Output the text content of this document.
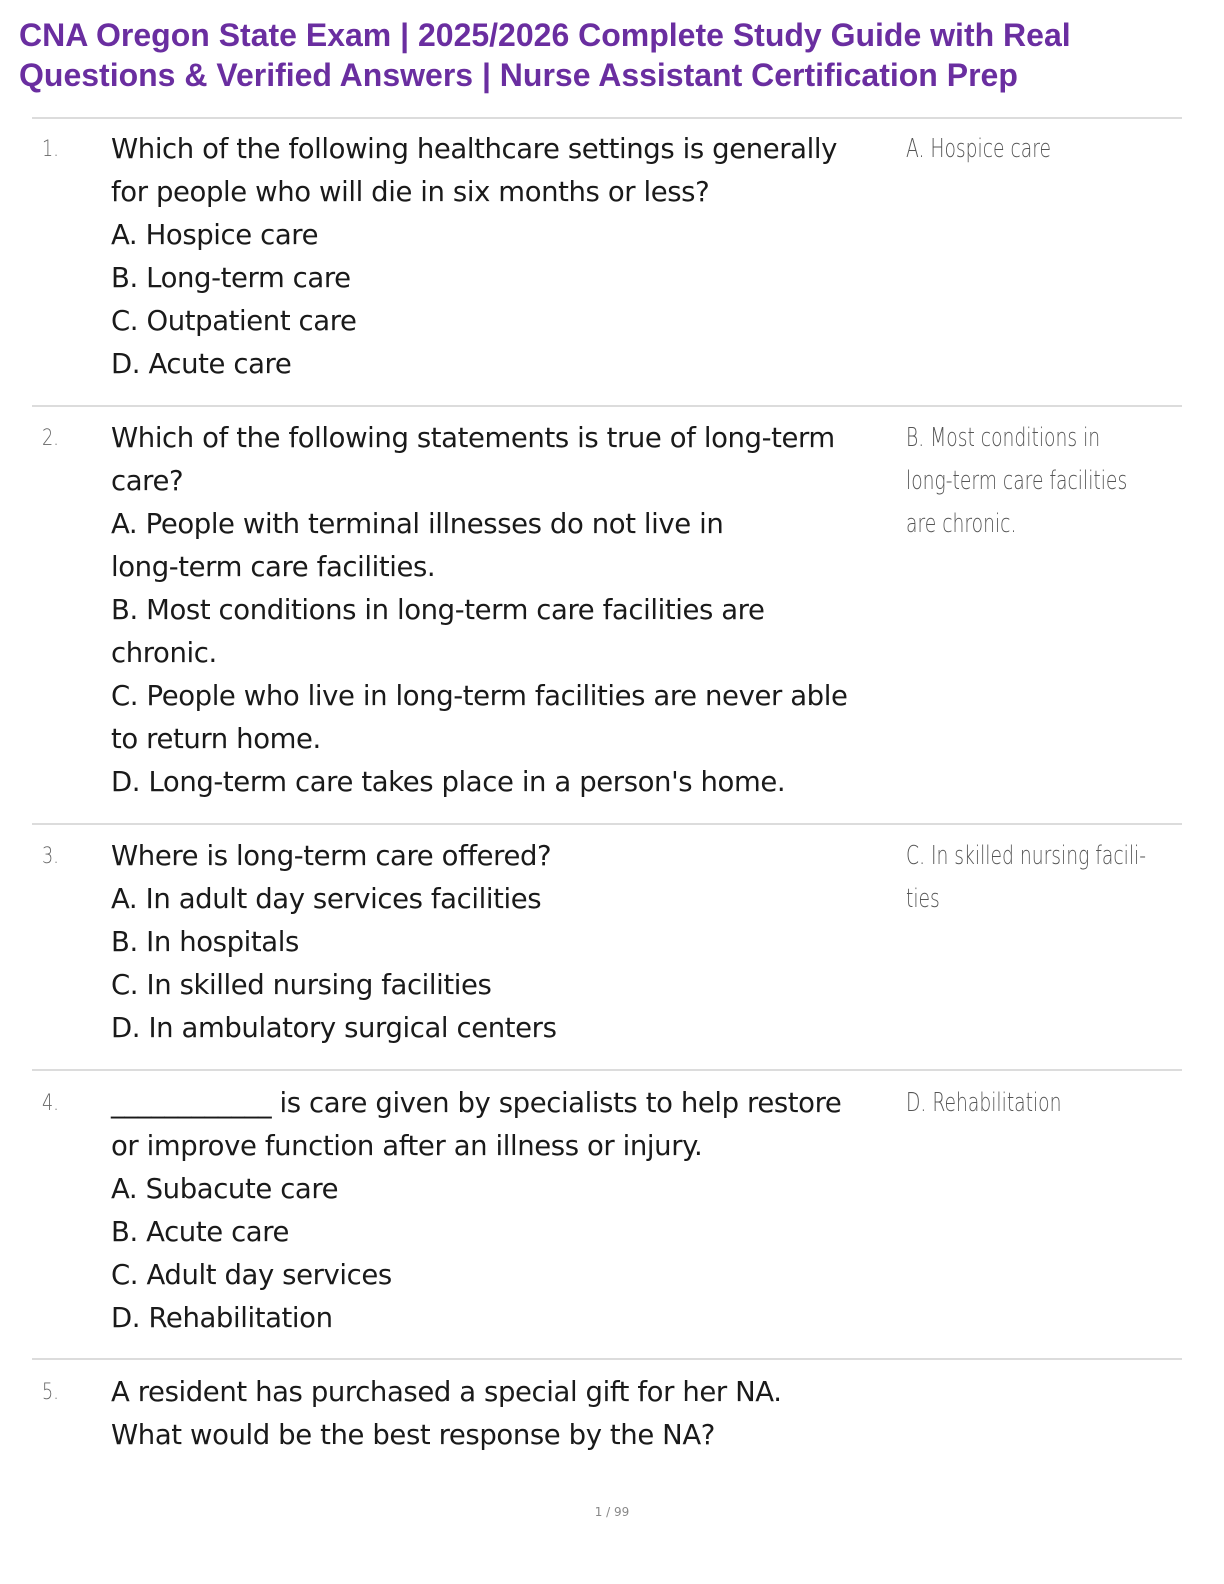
CNA Oregon State Exam | 2025/2026 Complete Study Guide with Real
Questions & Verified Answers | Nurse Assistant Certification Prep
1. Which of the following healthcare settings is generally
for people who will die in six months or less?
A. Hospice care
B. Long-term care
C. Outpatient care
D. Acute care
A. Hospice care
2. Which of the following statements is true of long-term
care?
A. People with terminal illnesses do not live in
long-term care facilities.
B. Most conditions in long-term care facilities are
chronic.
C. People who live in long-term facilities are never able
to return home.
D. Long-term care takes place in a person's home.
B. Most conditions in
long-term care facilities
are chronic.
3. Where is long-term care offered?
A. In adult day services facilities
B. In hospitals
C. In skilled nursing facilities
D. In ambulatory surgical centers
C. In skilled nursing facili-
ties
4. ____________ is care given by specialists to help restore
or improve function after an illness or injury.
A. Subacute care
B. Acute care
C. Adult day services
D. Rehabilitation
D. Rehabilitation
5. A resident has purchased a special gift for her NA.
What would be the best response by the NA?
1 / 99
